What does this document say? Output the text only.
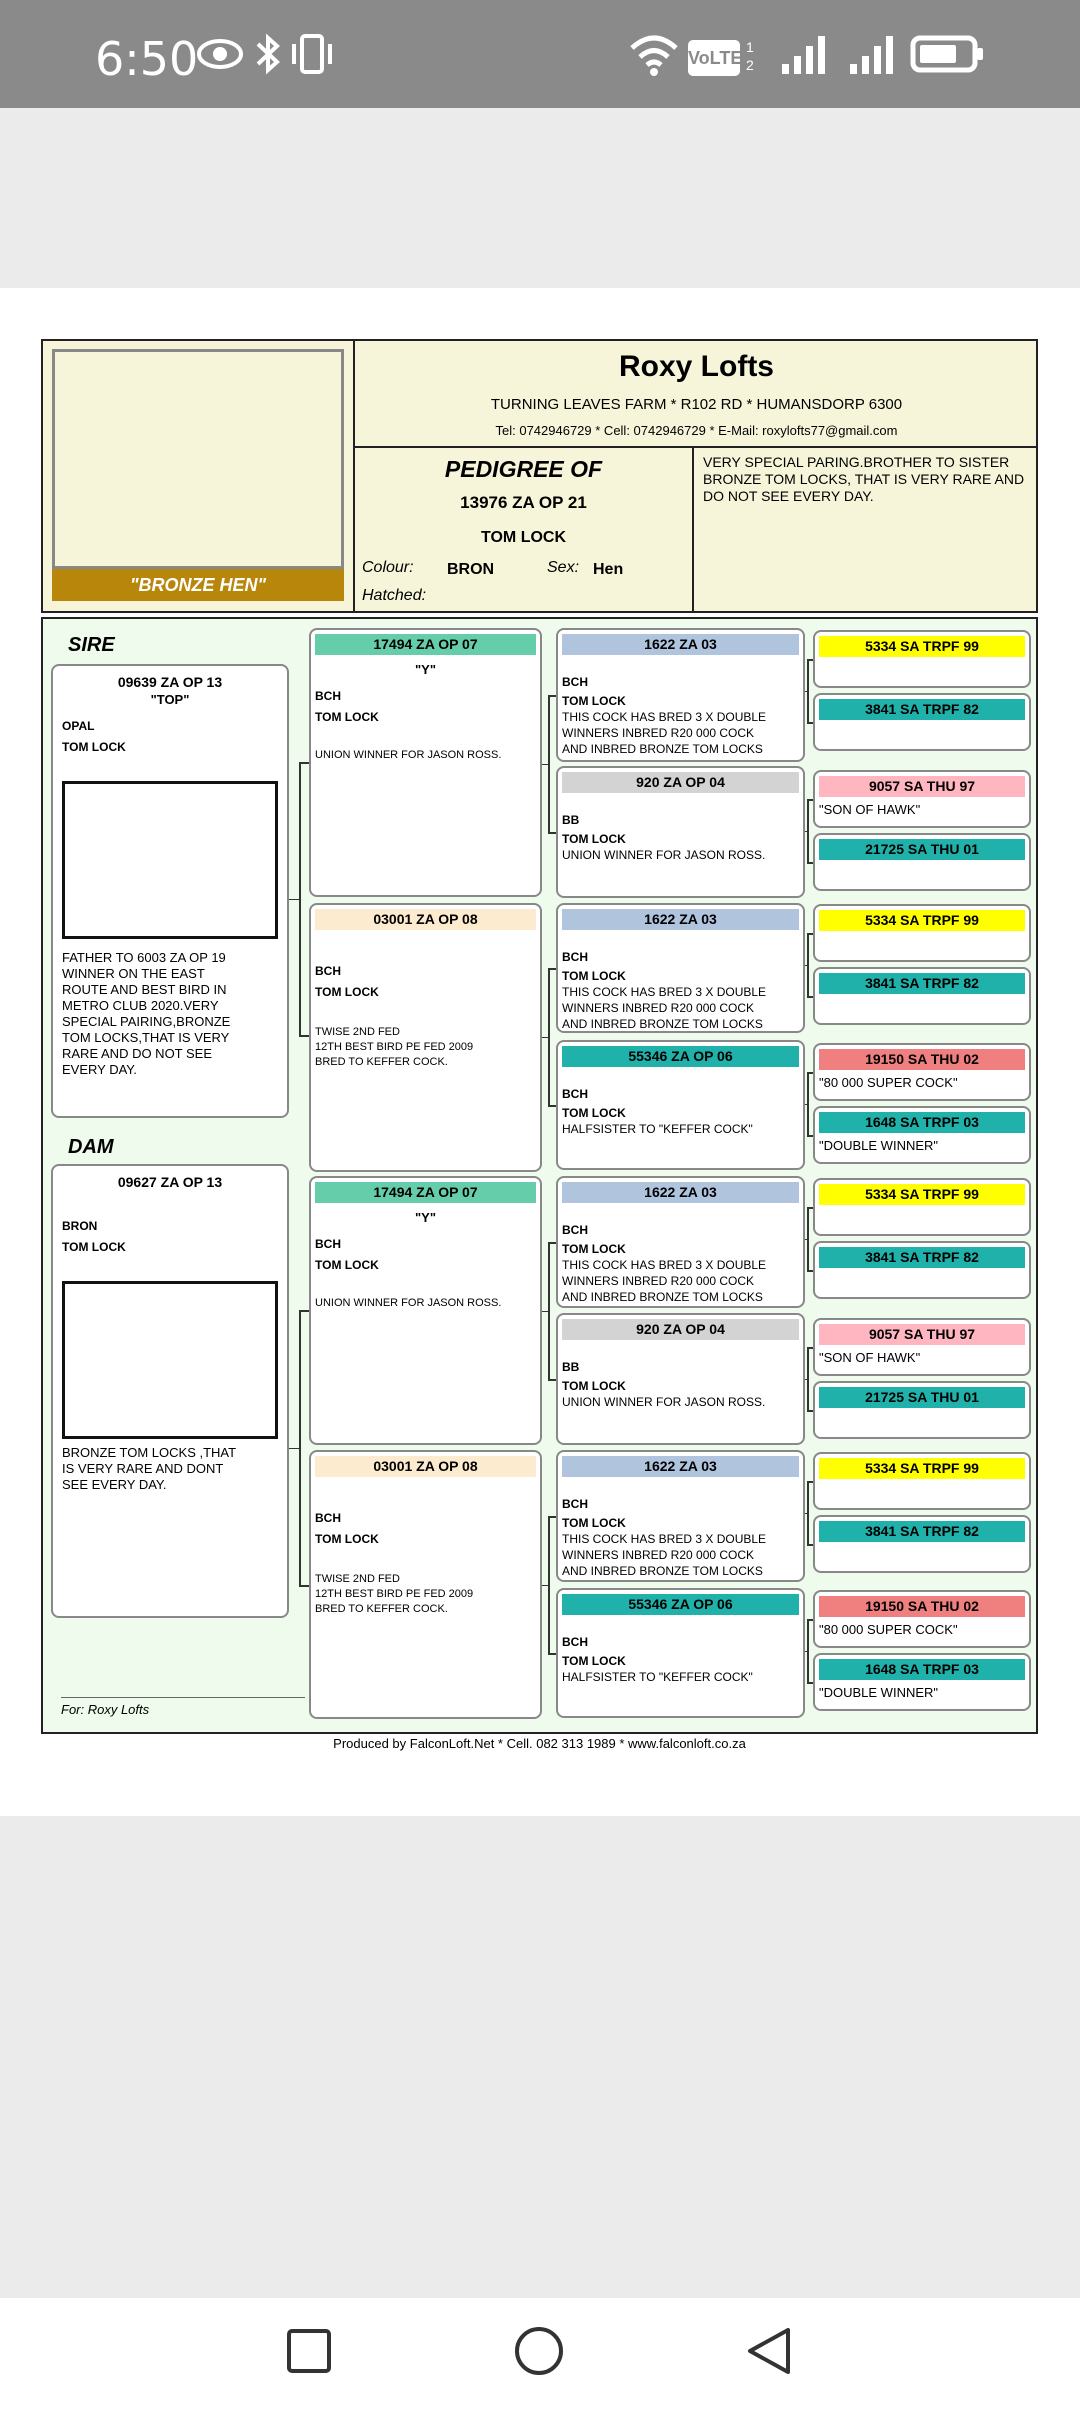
6:50	VoLTE
1 2
"BRONZE HEN"
Roxy Lofts
TURNING LEAVES FARM * R102 RD * HUMANSDORP 6300
Tel: 0742946729 * Cell: 0742946729 * E-Mail: roxylofts77@gmail.com
PEDIGREE OF
13976 ZA OP 21
TOM LOCK
Colour: BRON	Sex: Hen
Hatched:
VERY SPECIAL PARING.BROTHER TO SISTER BRONZE TOM LOCKS, THAT IS VERY RARE AND DO NOT SEE EVERY DAY.
SIRE
09639 ZA OP 13
"TOP"
OPAL
TOM LOCK
FATHER TO 6003 ZA OP 19
WINNER ON THE EAST
ROUTE AND BEST BIRD IN
METRO CLUB 2020.VERY
SPECIAL PAIRING,BRONZE
TOM LOCKS,THAT IS VERY
RARE AND DO NOT SEE
EVERY DAY.
DAM
09627 ZA OP 13
BRON
TOM LOCK
BRONZE TOM LOCKS ,THAT
IS VERY RARE AND DONT
SEE EVERY DAY.
17494 ZA OP 07
"Y"
BCH
TOM LOCK
UNION WINNER FOR JASON ROSS.
03001 ZA OP 08
BCH
TOM LOCK
TWISE 2ND FED
12TH BEST BIRD PE FED 2009
BRED TO KEFFER COCK.
17494 ZA OP 07
"Y"
BCH
TOM LOCK
UNION WINNER FOR JASON ROSS.
03001 ZA OP 08
BCH
TOM LOCK
TWISE 2ND FED
12TH BEST BIRD PE FED 2009
BRED TO KEFFER COCK.
1622 ZA 03
BCH
TOM LOCK
THIS COCK HAS BRED 3 X DOUBLE
WINNERS INBRED R20 000 COCK
AND INBRED BRONZE TOM LOCKS
920 ZA OP 04
BB
TOM LOCK
UNION WINNER FOR JASON ROSS.
1622 ZA 03
BCH
TOM LOCK
THIS COCK HAS BRED 3 X DOUBLE
WINNERS INBRED R20 000 COCK
AND INBRED BRONZE TOM LOCKS
55346 ZA OP 06
BCH
TOM LOCK
HALFSISTER TO "KEFFER COCK"
1622 ZA 03
BCH
TOM LOCK
THIS COCK HAS BRED 3 X DOUBLE
WINNERS INBRED R20 000 COCK
AND INBRED BRONZE TOM LOCKS
920 ZA OP 04
BB
TOM LOCK
UNION WINNER FOR JASON ROSS.
1622 ZA 03
BCH
TOM LOCK
THIS COCK HAS BRED 3 X DOUBLE
WINNERS INBRED R20 000 COCK
AND INBRED BRONZE TOM LOCKS
55346 ZA OP 06
BCH
TOM LOCK
HALFSISTER TO "KEFFER COCK"
5334 SA TRPF 99
3841 SA TRPF 82
9057 SA THU 97
"SON OF HAWK"
21725 SA THU 01
5334 SA TRPF 99
3841 SA TRPF 82
19150 SA THU 02
"80 000 SUPER COCK"
1648 SA TRPF 03
"DOUBLE WINNER"
5334 SA TRPF 99
3841 SA TRPF 82
9057 SA THU 97
"SON OF HAWK"
21725 SA THU 01
5334 SA TRPF 99
3841 SA TRPF 82
19150 SA THU 02
"80 000 SUPER COCK"
1648 SA TRPF 03
"DOUBLE WINNER"
For: Roxy Lofts
Produced by FalconLoft.Net * Cell. 082 313 1989 * www.falconloft.co.za
